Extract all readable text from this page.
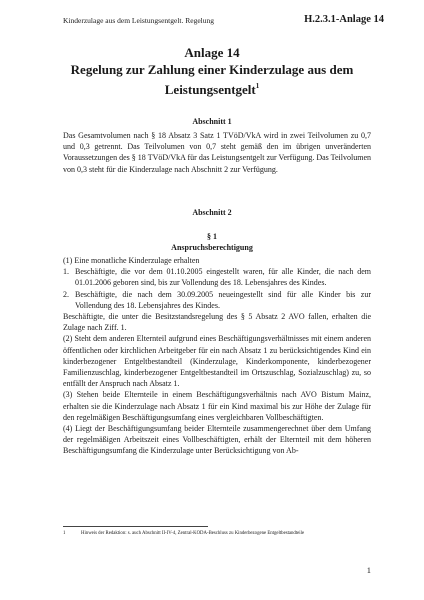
Kinderzulage aus dem Leistungsentgelt. Regelung	H.2.3.1-Anlage 14
Anlage 14
Regelung zur Zahlung einer Kinderzulage aus dem
Leistungsentgelt$^1$
Abschnitt 1

Das Gesamtvolumen nach § 18 Absatz 3 Satz 1 TVöD/VkA wird in zwei Teilvolumen zu 0,7 und 0,3 getrennt. Das Teilvolumen von 0,7 steht gemäß den im übrigen unveränderten Voraussetzungen des § 18 TVöD/VkA für das Leistungsentgelt zur Verfügung. Das Teilvolumen von 0,3 steht für die Kinderzulage nach Abschnitt 2 zur Verfügung.

Abschnitt 2
§ 1
Anspruchsberechtigung

(1) Eine monatliche Kinderzulage erhalten

1. Beschäftigte, die vor dem 01.10.2005 eingestellt waren, für alle Kinder, die nach dem 01.01.2006 geboren sind, bis zur Vollendung des 18. Lebensjahres des Kindes.
2. Beschäftigte, die nach dem 30.09.2005 neueingestellt sind für alle Kinder bis zur Vollendung des 18. Lebensjahres des Kindes.

Beschäftigte, die unter die Besitzstandsregelung des § 5 Absatz 2 AVO fallen, erhalten die Zulage nach Ziff. 1.

(2) Steht dem anderen Elternteil aufgrund eines Beschäftigungsverhältnisses mit einem anderen öffentlichen oder kirchlichen Arbeitgeber für ein nach Absatz 1 zu berücksichtigendes Kind ein kinderbezogener Entgeltbestandteil (Kinderzulage, Kinderkomponente, kinderbezogener Familienzuschlag, kinderbezogener Entgeltbestandteil im Ortszuschlag, Sozialzuschlag) zu, so entfällt der Anspruch nach Absatz 1.

(3) Stehen beide Elternteile in einem Beschäftigungsverhältnis nach AVO Bistum Mainz, erhalten sie die Kinderzulage nach Absatz 1 für ein Kind maximal bis zur Höhe der Zulage für den regelmäßigen Beschäftigungsumfang eines vergleichbaren Vollbeschäftigten.

(4) Liegt der Beschäftigungsumfang beider Elternteile zusammengerechnet über dem Umfang der regelmäßigen Arbeitszeit eines Vollbeschäftigten, erhält der Elternteil mit dem höheren Beschäftigungsumfang die Kinderzulage unter Berücksichtigung von Ab-

1	Hinweis der Redaktion: s. auch Abschnitt II-IV-4, Zentral-KODA-Beschluss zu Kinderbezogene Entgeltbestandteile
1
